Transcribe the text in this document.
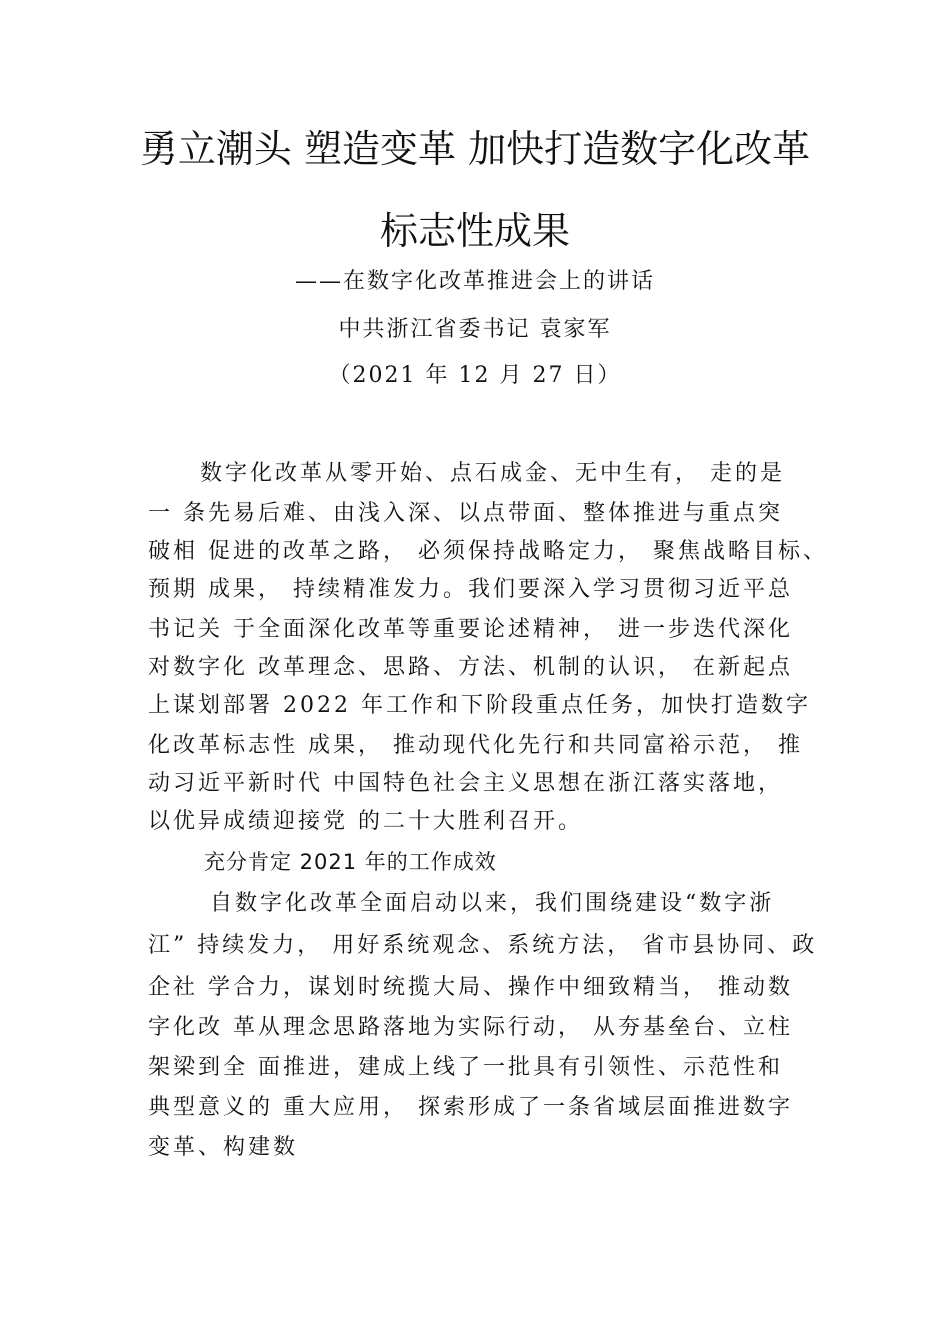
勇立潮头 塑造变革 加快打造数字化改革
标志性成果
——在数字化改革推进会上的讲话
中共浙江省委书记 袁家军
（2021 年 12 月 27 日）
数字化改革从零开始、点石成金、无中生有， 走的是
一 条先易后难、由浅入深、以点带面、整体推进与重点突
破相 促进的改革之路， 必须保持战略定力， 聚焦战略目标、
预期 成果， 持续精准发力。我们要深入学习贯彻习近平总
书记关 于全面深化改革等重要论述精神， 进一步迭代深化
对数字化 改革理念、思路、方法、机制的认识， 在新起点
上谋划部署 2022 年工作和下阶段重点任务，加快打造数字
化改革标志性 成果， 推动现代化先行和共同富裕示范， 推
动习近平新时代 中国特色社会主义思想在浙江落实落地，
以优异成绩迎接党 的二十大胜利召开。
充分肯定 2021 年的工作成效
自数字化改革全面启动以来，我们围绕建设“数字浙
江” 持续发力， 用好系统观念、系统方法， 省市县协同、政
企社 学合力，谋划时统揽大局、操作中细致精当， 推动数
字化改 革从理念思路落地为实际行动， 从夯基垒台、立柱
架梁到全 面推进，建成上线了一批具有引领性、示范性和
典型意义的 重大应用， 探索形成了一条省域层面推进数字
变革、构建数
